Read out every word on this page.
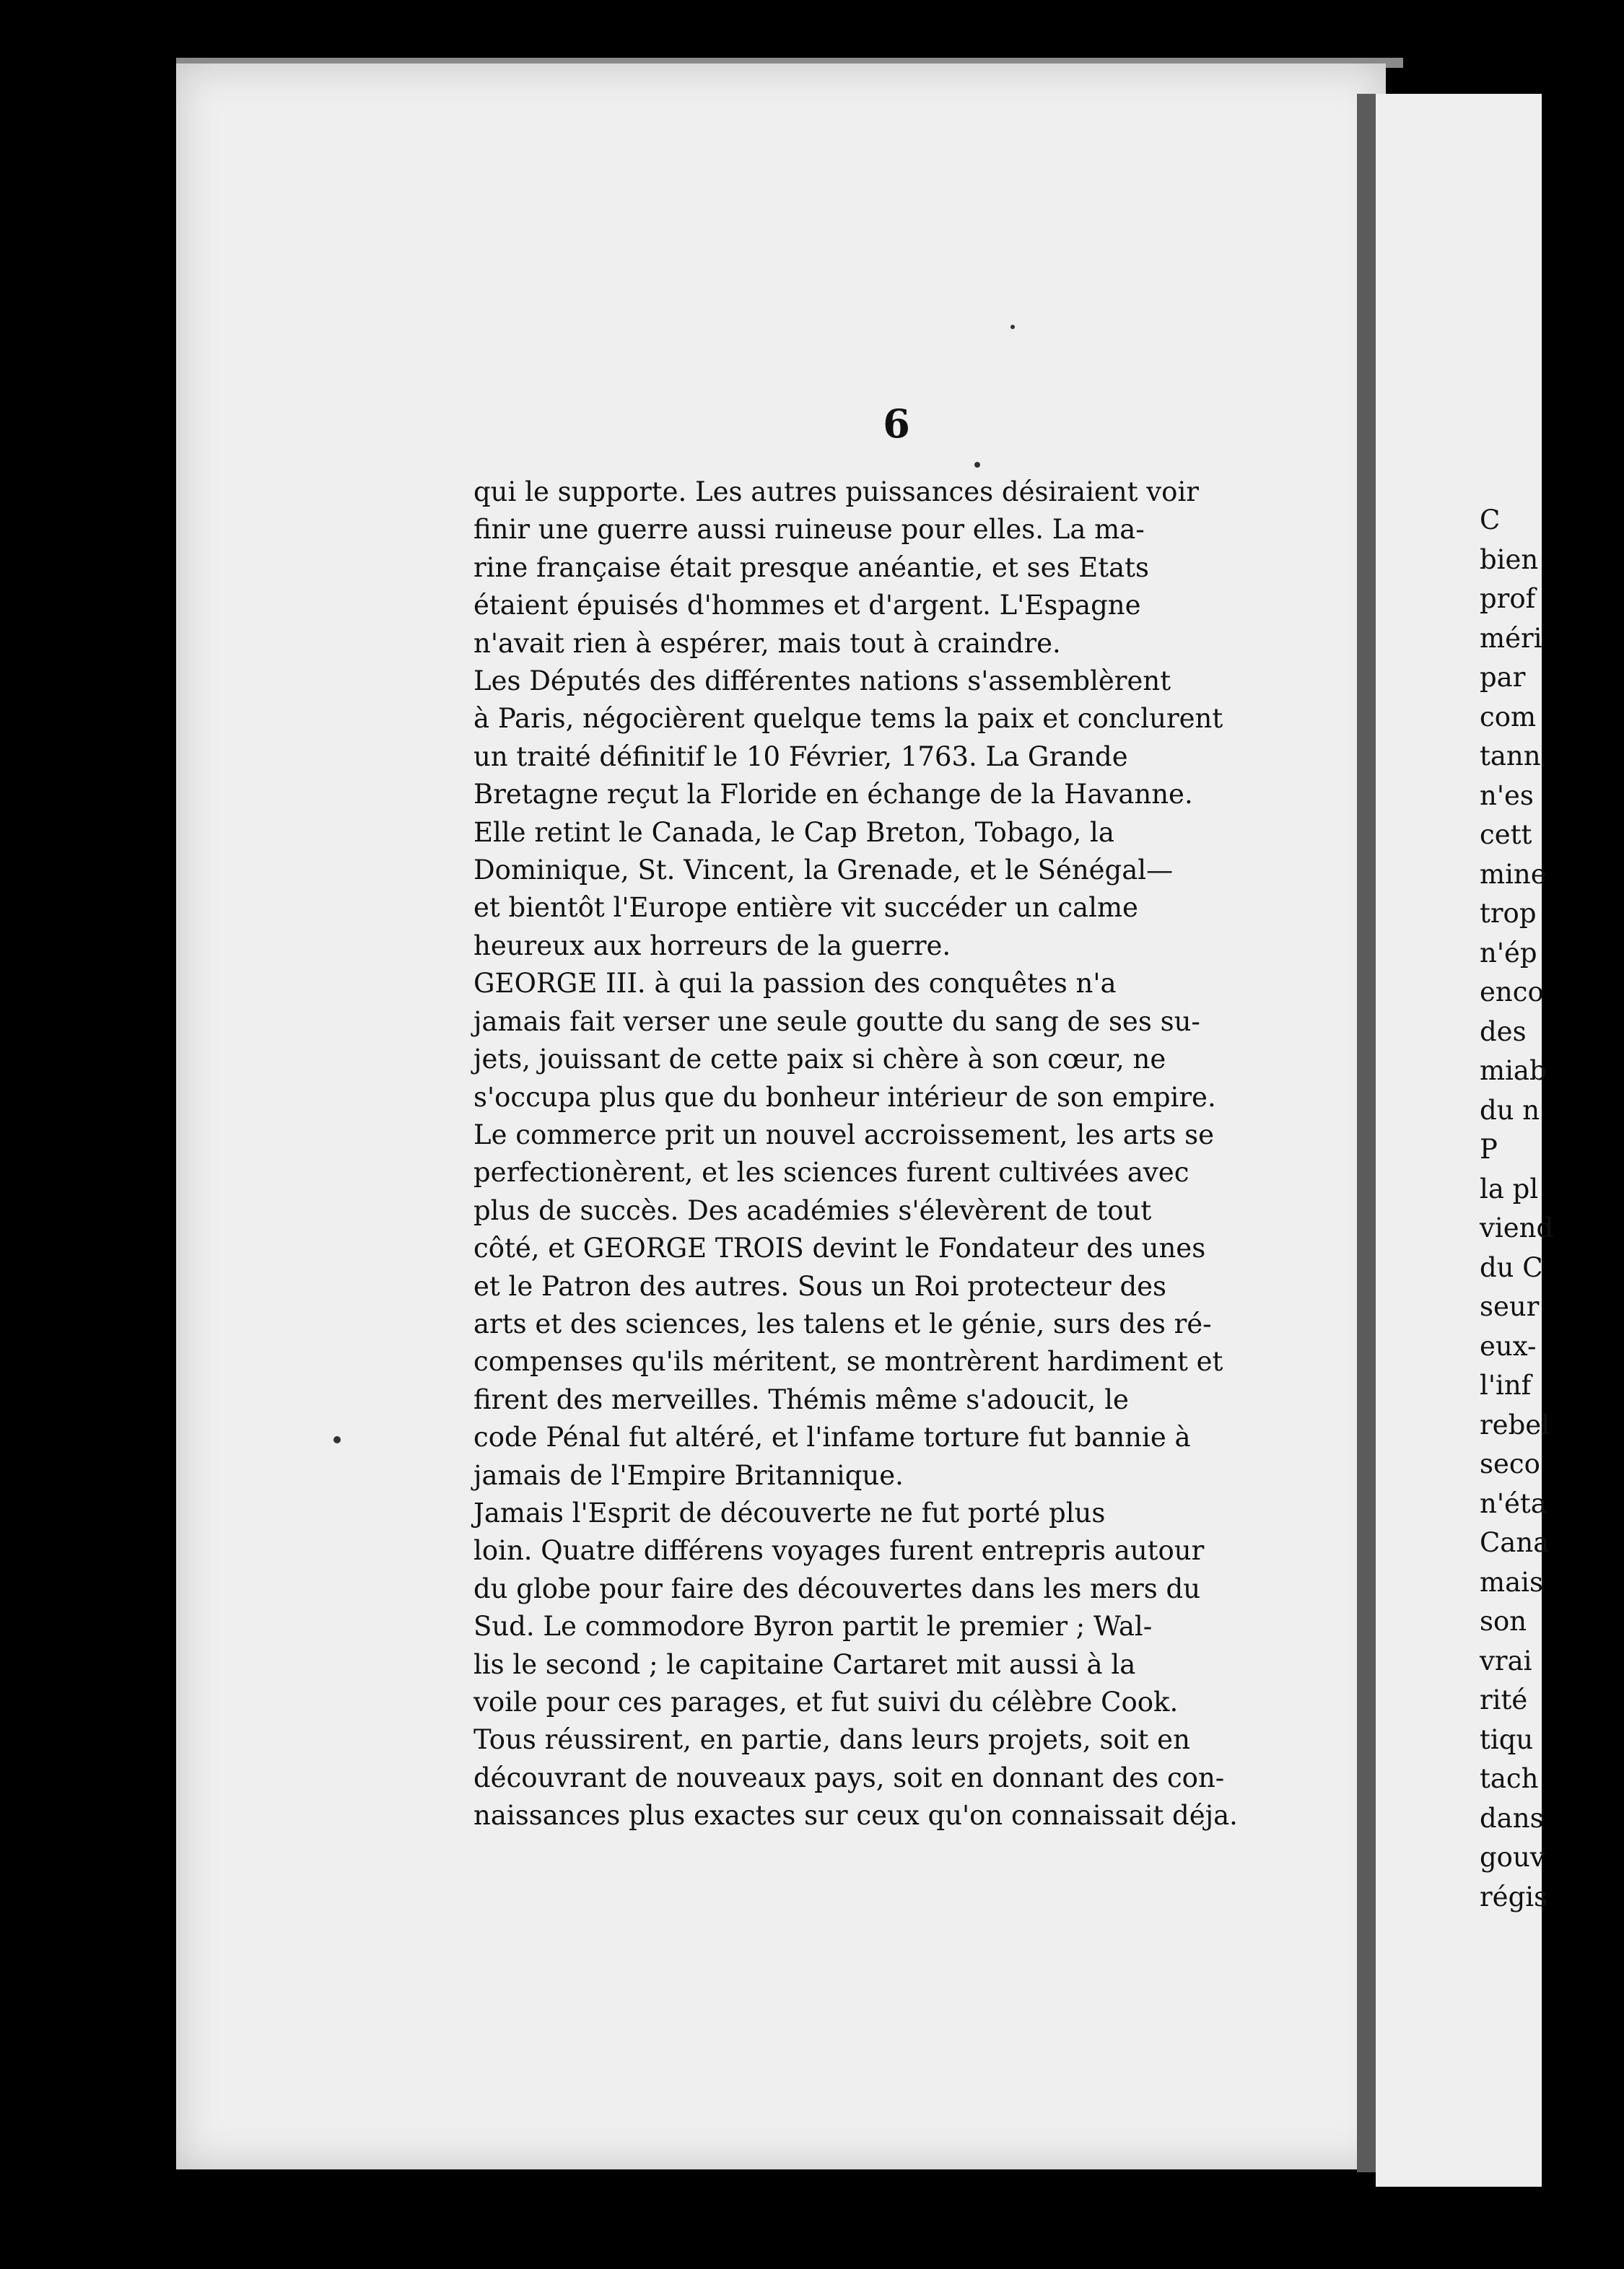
C
bien
prof
méri
par
com
tann
n'es
cett
mine
trop
n'ép
enco
des
miab
du n
P
la pl
viend
du C
seur
eux-
l'inf
rebel
seco
n'éta
Cana
mais
son
vrai
rité
tiqu
tach
dans
gouv
régis
6
qui le supporte. Les autres puissances désiraient voir
finir une guerre aussi ruineuse pour elles. La ma-
rine française était presque anéantie, et ses Etats
étaient épuisés d'hommes et d'argent. L'Espagne
n'avait rien à espérer, mais tout à craindre.
Les Députés des différentes nations s'assemblèrent
à Paris, négocièrent quelque tems la paix et conclurent
un traité définitif le 10 Février, 1763. La Grande
Bretagne reçut la Floride en échange de la Havanne.
Elle retint le Canada, le Cap Breton, Tobago, la
Dominique, St. Vincent, la Grenade, et le Sénégal—
et bientôt l'Europe entière vit succéder un calme
heureux aux horreurs de la guerre.
GEORGE III. à qui la passion des conquêtes n'a
jamais fait verser une seule goutte du sang de ses su-
jets, jouissant de cette paix si chère à son cœur, ne
s'occupa plus que du bonheur intérieur de son empire.
Le commerce prit un nouvel accroissement, les arts se
perfectionèrent, et les sciences furent cultivées avec
plus de succès. Des académies s'élevèrent de tout
côté, et GEORGE TROIS devint le Fondateur des unes
et le Patron des autres. Sous un Roi protecteur des
arts et des sciences, les talens et le génie, surs des ré-
compenses qu'ils méritent, se montrèrent hardiment et
firent des merveilles. Thémis même s'adoucit, le
code Pénal fut altéré, et l'infame torture fut bannie à
jamais de l'Empire Britannique.
Jamais l'Esprit de découverte ne fut porté plus
loin. Quatre différens voyages furent entrepris autour
du globe pour faire des découvertes dans les mers du
Sud. Le commodore Byron partit le premier ; Wal-
lis le second ; le capitaine Cartaret mit aussi à la
voile pour ces parages, et fut suivi du célèbre Cook.
Tous réussirent, en partie, dans leurs projets, soit en
découvrant de nouveaux pays, soit en donnant des con-
naissances plus exactes sur ceux qu'on connaissait déja.
